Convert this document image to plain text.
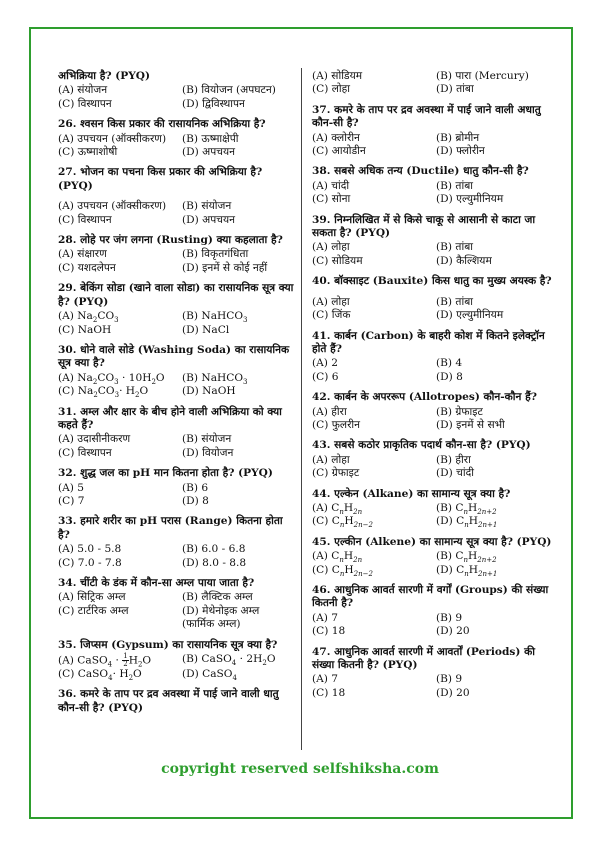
अभिक्रिया है? (PYQ)

(A) संयोजन	(B) वियोजन (अपघटन)
(C) विस्थापन	(D) द्विविस्थापन

26. श्वसन किस प्रकार की रासायनिक अभिक्रिया है?

(A) उपचयन (ऑक्सीकरण)	(B) ऊष्माक्षेपी
(C) ऊष्माशोषी	(D) अपचयन

27. भोजन का पचना किस प्रकार की अभिक्रिया है? (PYQ)

(A) उपचयन (ऑक्सीकरण)	(B) संयोजन
(C) विस्थापन	(D) अपचयन

28. लोहे पर जंग लगना (Rusting) क्या कहलाता है?

(A) संक्षारण	(B) विकृतगंधिता
(C) यशदलेपन	(D) इनमें से कोई नहीं

29. बेकिंग सोडा (खाने वाला सोडा) का रासायनिक सूत्र क्या है? (PYQ)

(A) $Na_2CO_3$	(B) NaHCO$_3$
(C) NaOH	(D) NaCl

30. धोने वाले सोडे (Washing Soda) का रासायनिक सूत्र क्या है?

(A) $Na_2CO_3 \cdot 10H_2O$	(B) NaHCO$_3$
(C) $Na_2CO_3\cdot H_2O$	(D) NaOH

31. अम्ल और क्षार के बीच होने वाली अभिक्रिया को क्या कहते हैं?

(A) उदासीनीकरण	(B) संयोजन
(C) विस्थापन	(D) वियोजन

32. शुद्ध जल का pH मान कितना होता है? (PYQ)

(A) 5	(B) 6
(C) 7	(D) 8

33. हमारे शरीर का pH परास (Range) कितना होता है?

(A) 5.0 - 5.8	(B) 6.0 - 6.8
(C) 7.0 - 7.8	(D) 8.0 - 8.8

34. चींटी के डंक में कौन-सा अम्ल पाया जाता है?

(A) सिट्रिक अम्ल	(B) लैक्टिक अम्ल
(C) टार्टरिक अम्ल	(D) मेथेनोइक अम्ल (फार्मिक अम्ल)

35. जिप्सम (Gypsum) का रासायनिक सूत्र क्या है?

(A) CaSO$_4$ · $\frac{1}{2} H_2O$	(B) CaSO$_4$ · $2H_2O$
(C) CaSO$_4$· $H_2O$	(D) CaSO$_4$

36. कमरे के ताप पर द्रव अवस्था में पाई जाने वाली धातु कौन-सी है? (PYQ)

(A) सोडियम	(B) पारा (Mercury)
(C) लोहा	(D) तांबा

37. कमरे के ताप पर द्रव अवस्था में पाई जाने वाली अधातु कौन-सी है?

(A) क्लोरीन	(B) ब्रोमीन
(C) आयोडीन	(D) फ्लोरीन

38. सबसे अधिक तन्य (Ductile) धातु कौन-सी है?

(A) चांदी	(B) तांबा
(C) सोना	(D) एल्युमीनियम

39. निम्नलिखित में से किसे चाकू से आसानी से काटा जा सकता है? (PYQ)

(A) लोहा	(B) तांबा
(C) सोडियम	(D) कैल्शियम

40. बॉक्साइट (Bauxite) किस धातु का मुख्य अयस्क है?

(A) लोहा	(B) तांबा
(C) जिंक	(D) एल्युमीनियम

41. कार्बन (Carbon) के बाहरी कोश में कितने इलेक्ट्रॉन होते हैं?

(A) 2	(B) 4
(C) 6	(D) 8

42. कार्बन के अपररूप (Allotropes) कौन-कौन हैं?

(A) हीरा	(B) ग्रेफाइट
(C) फुलरीन	(D) इनमें से सभी

43. सबसे कठोर प्राकृतिक पदार्थ कौन-सा है? (PYQ)

(A) लोहा	(B) हीरा
(C) ग्रेफाइट	(D) चांदी

44. एल्केन (Alkane) का सामान्य सूत्र क्या है?

(A) $C_nH_{2n}$	(B) $C_nH_{2n+2}$
(C) $C_nH_{2n-2}$	(D) $C_nH_{2n+1}$

45. एल्कीन (Alkene) का सामान्य सूत्र क्या है? (PYQ)

(A) $C_nH_{2n}$	(B) $C_nH_{2n+2}$
(C) $C_nH_{2n-2}$	(D) $C_nH_{2n+1}$

46. आधुनिक आवर्त सारणी में वर्गों (Groups) की संख्या कितनी है?

(A) 7	(B) 9
(C) 18	(D) 20

47. आधुनिक आवर्त सारणी में आवर्तों (Periods) की संख्या कितनी है? (PYQ)

(A) 7	(B) 9
(C) 18	(D) 20
copyright reserved selfshiksha.com
